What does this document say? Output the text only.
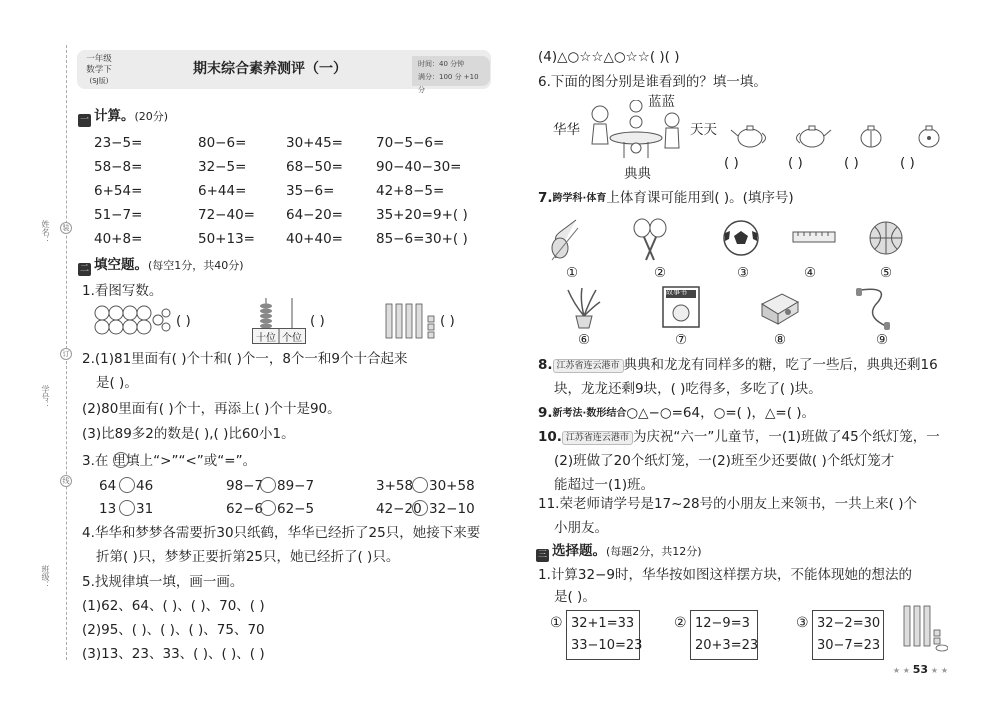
姓名：
学号：
班级：
装
订
线
一年级
数学下
(SJ版)
期末综合素养测评（一）	时间：40 分钟
满分：100 分 +10 分
一 计算。(20分)
23−5=	80−6=	30+45= 70−5−6=
58−8=	32−5=	68−50= 90−40−30=
6+54=	6+44=	35−6=	42+8−5=
51−7=	72−40= 64−20= 35+20=9+( )
40+8=	50+13= 40+40= 85−6=30+( )
二 填空题。(每空1分，共40分)
1.看图写数。
( )
十位 个位
( )	( )
2.(1)81里面有( )个十和( )个一，8个一和9个十合起来
是( )。
(2)80里面有( )个十，再添上( )个十是90。
(3)比89多2的数是( ),( )比60小1。
3.在 里填上“>”“<”或“=”。
64 46	98−7 89−7	3+58 30+58
13 31	62−6 62−5	42−20 32−10
4.华华和梦梦各需要折30只纸鹤，华华已经折了25只，她接下来要
折第( )只，梦梦正要折第25只，她已经折了( )只。
5.找规律填一填，画一画。
(1)62、64、( )、( )、70、( )
(2)95、( )、( )、( )、75、70
(3)13、23、33、( )、( )、( )
(4)△○☆☆△○☆☆( )( )
6.下面的图分别是谁看到的？填一填。
蓝蓝
华华	天天
典典
( )	( )	( )	( )
7.跨学科·体育上体育课可能用到( )。(填序号)
①	②	③	④	⑤
故事书
⑥	⑦	⑧	⑨
8. 江苏省连云港市 典典和龙龙有同样多的糖，吃了一些后，典典还剩16
块，龙龙还剩9块，( )吃得多，多吃了( )块。
9.新考法·数形结合○△−○=64，○=( )，△=( )。
10. 江苏省连云港市 为庆祝“六一”儿童节，一(1)班做了45个纸灯笼，一
(2)班做了20个纸灯笼，一(2)班至少还要做( )个纸灯笼才
能超过一(1)班。
11.荣老师请学号是17~28号的小朋友上来领书，一共上来( )个
小朋友。
三 选择题。(每题2分，共12分)
1.计算32−9时，华华按如图这样摆方块，不能体现她的想法的
是( )。
① 32+1=33
33−10=23
② 12−9=3
20+3=23
③ 32−2=30
30−7=23
★ ★ 53 ★ ★
